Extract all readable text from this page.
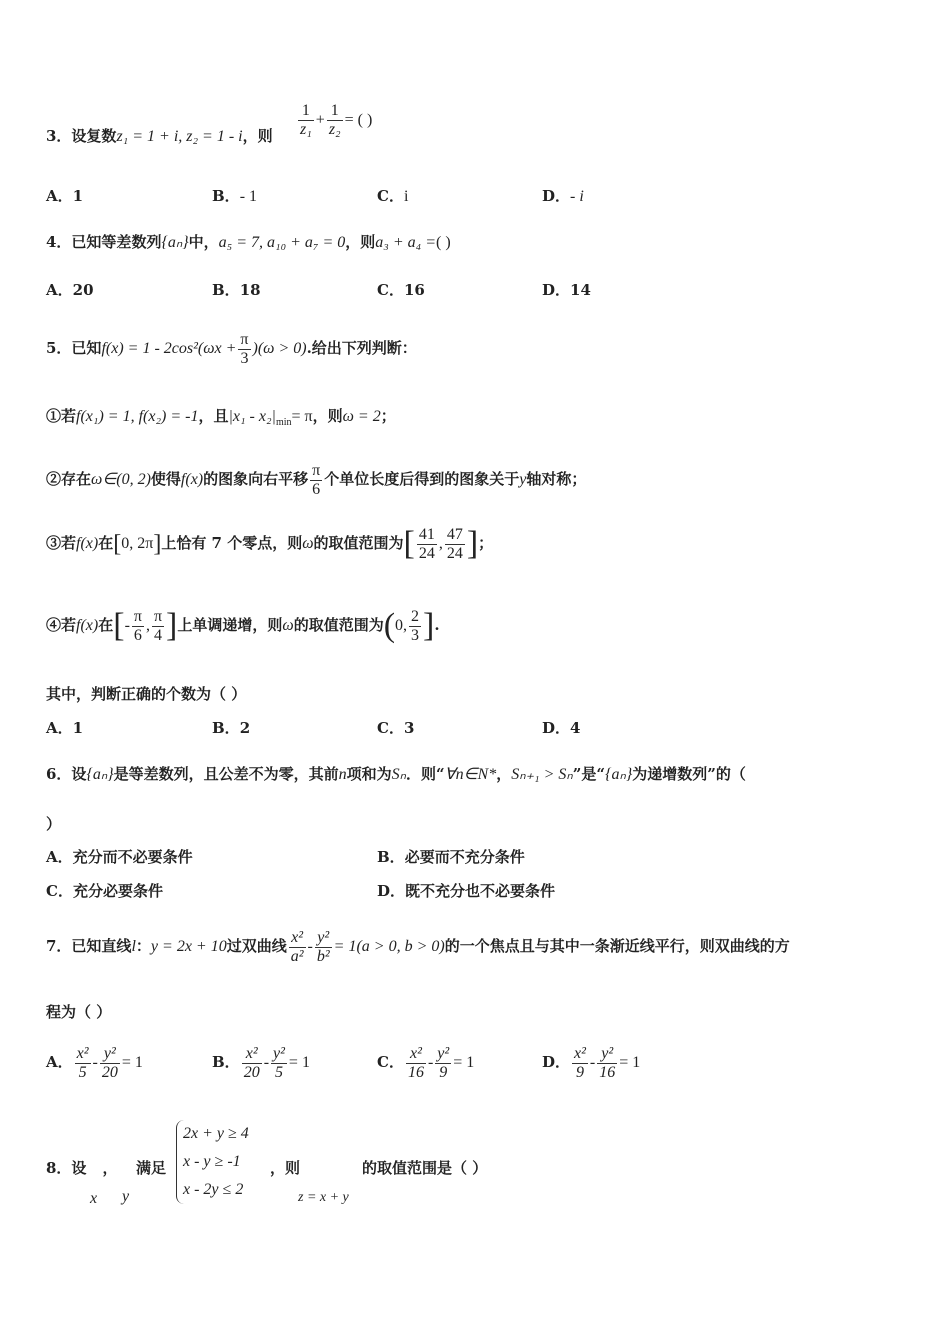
3．设复数z₁ = 1 + i, z₂ = 1 - i，则 $\frac{1}{\text{z₁}} + \frac{1}{\text{z₂}}$ = ( )
A．1	B．- 1	C．i	D．- i
4．已知等差数列{aₙ}中，a₅ = 7, a₁₀ + a₇ = 0，则a₃ + a₄ =( )
A．20	B．18	C．16	D．14
5．已知$f(x) = 1 - 2\cos^2(\omega x + \frac{\pi}{3} )(\omega > 0)$.给出下列判断：
①若f(x₁) = 1, f(x₂) = -1，且$|x_1 - x_2|_{min}= \pi$，则ω = 2；
②存在ω∈(0, 2)使得f(x)的图象向右平移 $\frac{\pi}{6}$ 个单位长度后得到的图象关于y轴对称；
③若f(x)在[0, 2π]上恰有 7 个零点，则ω的取值范围为[ $\frac{41}{24}$ , $\frac{47}{24}$ ]；
④若f(x)在[- $\frac{\pi}{6}$ , $\frac{\pi}{4}$ ]上单调递增，则ω的取值范围为(0, $\frac{2}{3}$ ].
其中，判断正确的个数为（ ）
A．1	B．2	C．3	D．4
6．设{aₙ}是等差数列，且公差不为零，其前n项和为Sₙ．则“∀n∈N*，Sₙ₊₁ > Sₙ”是“{aₙ}为递增数列”的（
）
A．充分而不必要条件	B．必要而不充分条件
C．充分必要条件	D．既不充分也不必要条件
7．已知直线l：y = 2x + 10过双曲线 $\frac{\text{x²}}{\text{a²}} - \frac{\text{y²}}{\text{b²}} = 1(a > 0$, b > 0)的一个焦点且与其中一条渐近线平行，则双曲线的方
程为（ ）
A． $\frac{\text{x²}}{5} - \frac{\text{y²}}{20} = 1$	B． $\frac{\text{x²}}{20} - \frac{\text{y²}}{5} = 1$	C． $\frac{\text{x²}}{16} - \frac{\text{y²}}{9} = 1$	D． $\frac{\text{x²}}{9} - \frac{\text{y²}}{16} = 1$
8．设 ， 满足
x y
2x + y ≥ 4
x - y ≥ -1
x - 2y ≤ 2
，则	的取值范围是（ ）
z = x + y
